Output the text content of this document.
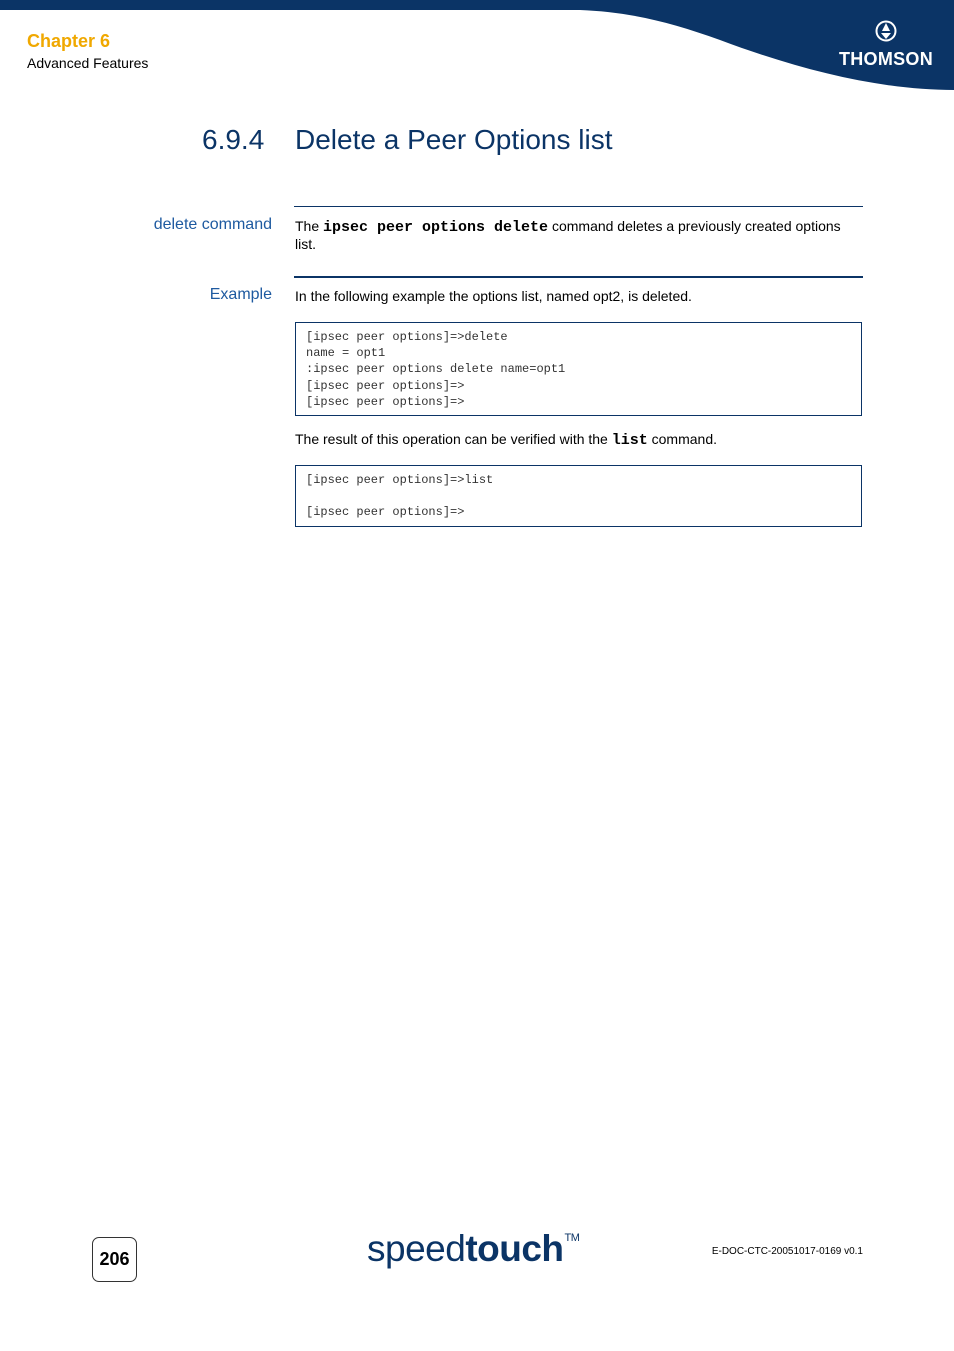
Chapter 6
Advanced Features	THOMSON
6.9.4 Delete a Peer Options list
delete command The ipsec peer options delete command deletes a previously created options list.
Example In the following example the options list, named opt2, is deleted.
[ipsec peer options]=>delete
name = opt1
:ipsec peer options delete name=opt1
[ipsec peer options]=>
[ipsec peer options]=>
The result of this operation can be verified with the list command.
[ipsec peer options]=>list
[ipsec peer options]=>
206	speedtouch™
E-DOC-CTC-20051017-0169 v0.1
